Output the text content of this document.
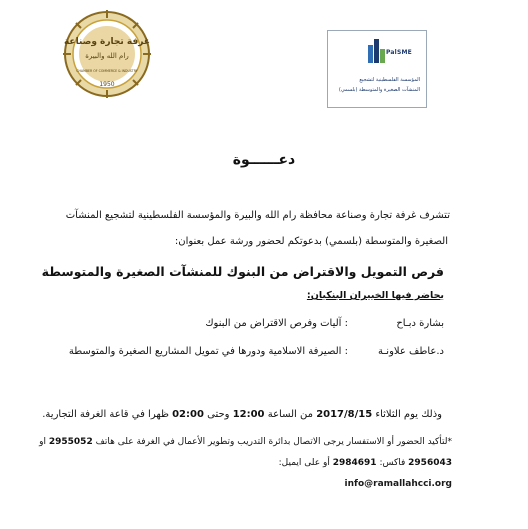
غرفة تجارة وصناعة
رام الله والبيرة
1950
CHAMBER OF COMMERCE & INDUSTRY
PalSME
المؤسسة الفلسطينية لتشجيع
المنشآت الصغيرة والمتوسطة (بلسمي)
دعــــــوة
تتشرف غرفة تجارة وصناعة محافظة رام الله والبيرة والمؤسسة الفلسطينية لتشجيع المنشآت
الصغيرة والمتوسطة (بلسمي) بدعوتكم لحضور ورشة عمل بعنوان:
فرص التمويل والاقتراض من البنوك للمنشآت الصغيرة والمتوسطة
يحاضر فيها الخبيران البنكيان:
بشارة دبـاح
: آليات وفرص الاقتراض من البنوك
د.عاطف علاونـة
: الصيرفة الاسلامية ودورها في تمويل المشاريع الصغيرة والمتوسطة
وذلك يوم الثلاثاء 2017/8/15 من الساعة 12:00 وحتى 02:00 ظهرا في قاعة الغرفة التجارية.
*لتأكيد الحضور أو الاستفسار يرجى الاتصال بدائرة التدريب وتطوير الأعمال في الغرفة على هاتف 2955052 او
2956043 فاكس: 2984691 أو على ايميل:
info@ramallahcci.org
